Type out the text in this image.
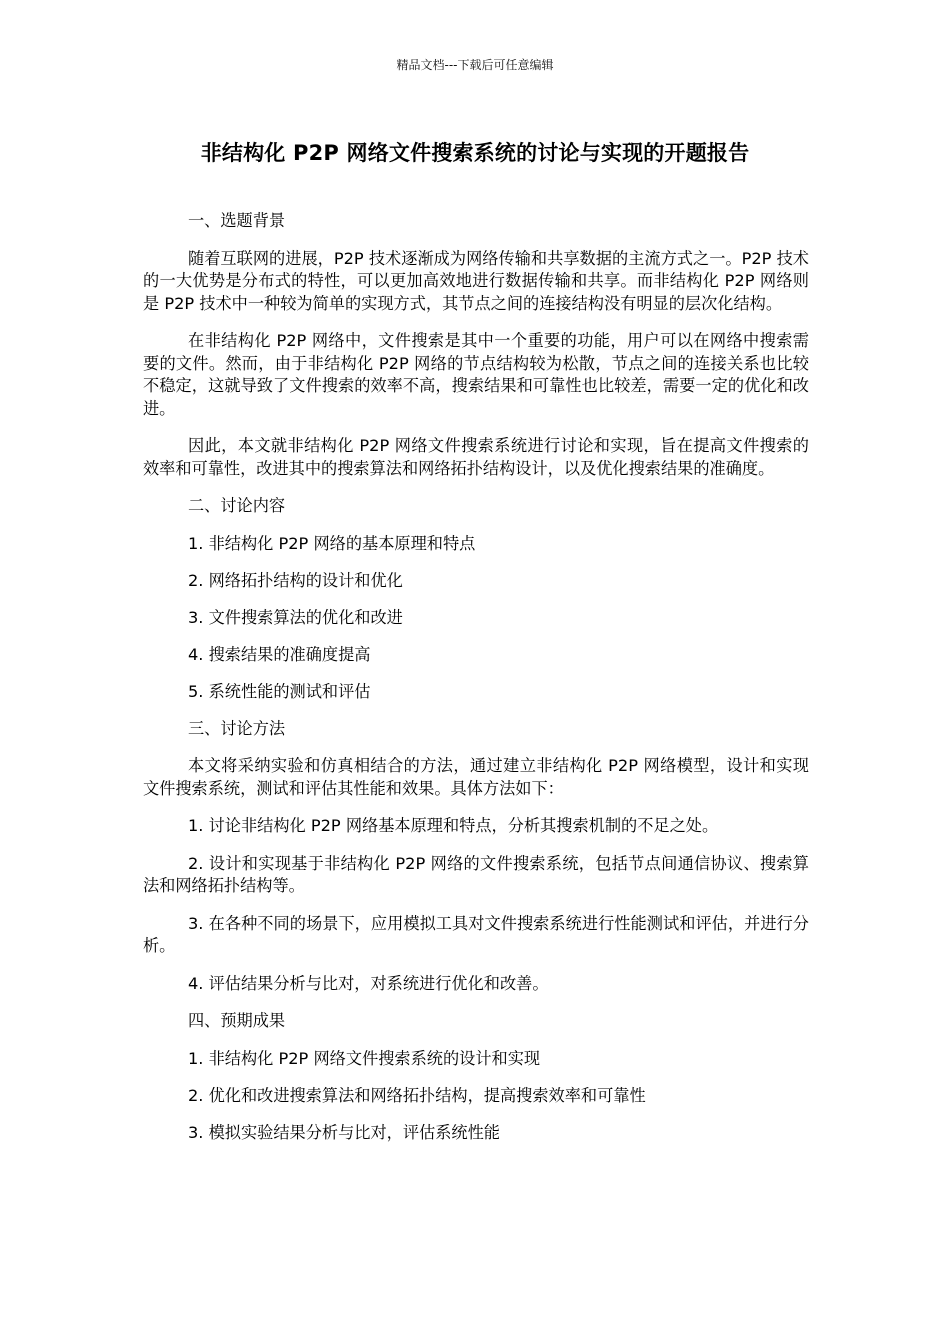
精品文档---下载后可任意编辑
非结构化 P2P 网络文件搜索系统的讨论与实现的开题报告

一、选题背景

随着互联网的进展，P2P 技术逐渐成为网络传输和共享数据的主流方式之一。P2P 技术的一大优势是分布式的特性，可以更加高效地进行数据传输和共享。而非结构化 P2P 网络则是 P2P 技术中一种较为简单的实现方式，其节点之间的连接结构没有明显的层次化结构。

在非结构化 P2P 网络中，文件搜索是其中一个重要的功能，用户可以在网络中搜索需要的文件。然而，由于非结构化 P2P 网络的节点结构较为松散，节点之间的连接关系也比较不稳定，这就导致了文件搜索的效率不高，搜索结果和可靠性也比较差，需要一定的优化和改进。

因此，本文就非结构化 P2P 网络文件搜索系统进行讨论和实现，旨在提高文件搜索的效率和可靠性，改进其中的搜索算法和网络拓扑结构设计，以及优化搜索结果的准确度。

二、讨论内容

1. 非结构化 P2P 网络的基本原理和特点

2. 网络拓扑结构的设计和优化

3. 文件搜索算法的优化和改进

4. 搜索结果的准确度提高

5. 系统性能的测试和评估

三、讨论方法

本文将采纳实验和仿真相结合的方法，通过建立非结构化 P2P 网络模型，设计和实现文件搜索系统，测试和评估其性能和效果。具体方法如下：

1. 讨论非结构化 P2P 网络基本原理和特点，分析其搜索机制的不足之处。

2. 设计和实现基于非结构化 P2P 网络的文件搜索系统，包括节点间通信协议、搜索算法和网络拓扑结构等。

3. 在各种不同的场景下，应用模拟工具对文件搜索系统进行性能测试和评估，并进行分析。

4. 评估结果分析与比对，对系统进行优化和改善。

四、预期成果

1. 非结构化 P2P 网络文件搜索系统的设计和实现

2. 优化和改进搜索算法和网络拓扑结构，提高搜索效率和可靠性

3. 模拟实验结果分析与比对，评估系统性能
